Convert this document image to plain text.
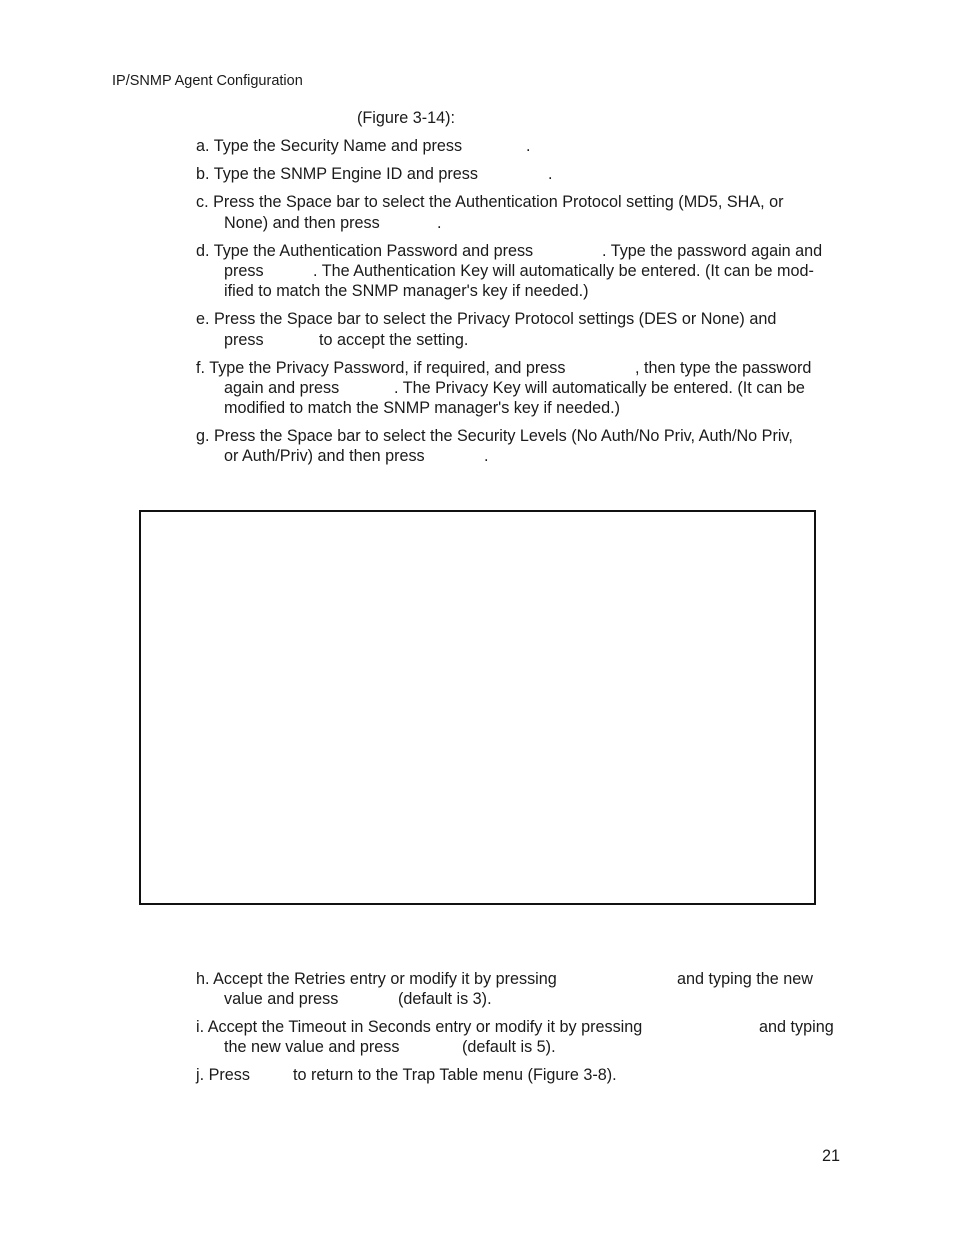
IP/SNMP Agent Configuration
(Figure 3-14):
a. Type the Security Name and press	.
b. Type the SNMP Engine ID and press	.
c. Press the Space bar to select the Authentication Protocol setting (MD5, SHA, or
None) and then press	.
d. Type the Authentication Password and press	. Type the password again and
press	. The Authentication Key will automatically be entered. (It can be mod-
ified to match the SNMP manager's key if needed.)
e. Press the Space bar to select the Privacy Protocol settings (DES or None) and
press	to accept the setting.
f. Type the Privacy Password, if required, and press	, then type the password
again and press	. The Privacy Key will automatically be entered. (It can be
modified to match the SNMP manager's key if needed.)
g. Press the Space bar to select the Security Levels (No Auth/No Priv, Auth/No Priv,
or Auth/Priv) and then press	.
h. Accept the Retries entry or modify it by pressing	and typing the new
value and press	(default is 3).
i. Accept the Timeout in Seconds entry or modify it by pressing	and typing
the new value and press	(default is 5).
j. Press	to return to the Trap Table menu (Figure 3-8).
21
